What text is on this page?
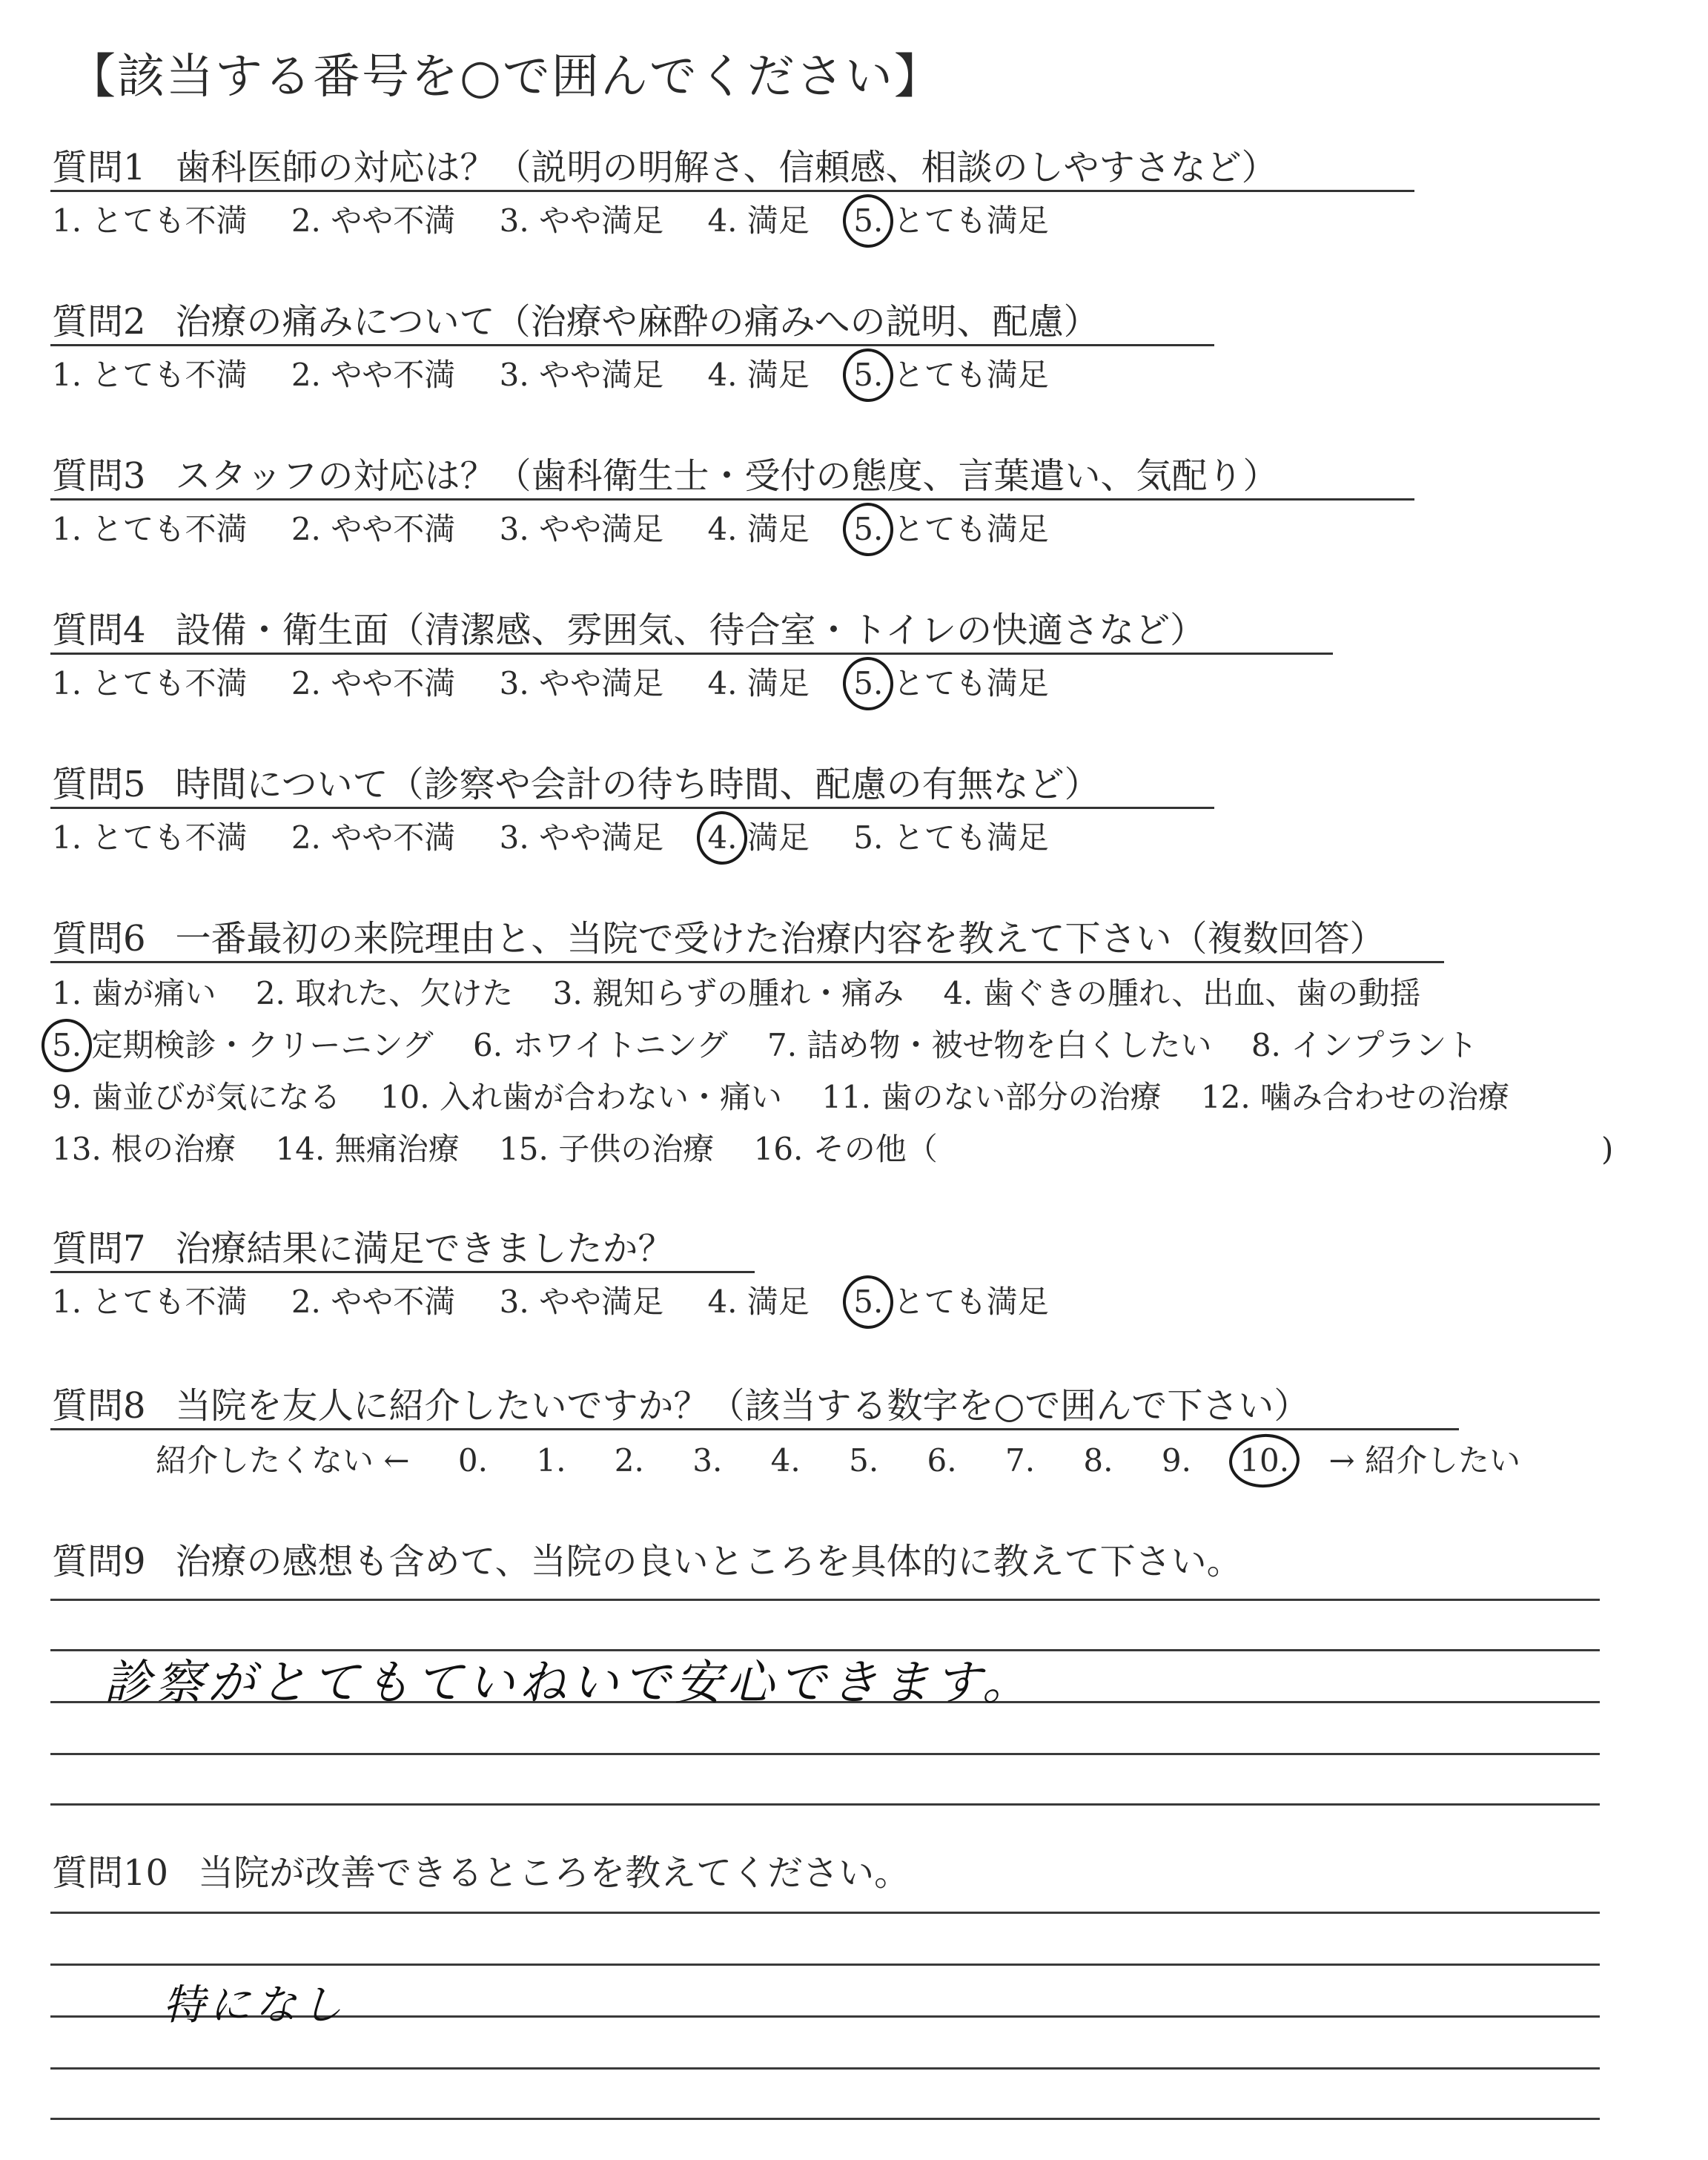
【該当する番号を○で囲んでください】
質問1 歯科医師の対応は？（説明の明解さ、信頼感、相談のしやすさなど）
1. とても不満 2. やや不満 3. やや満足 4. 満足 5. とても満足
質問2 治療の痛みについて（治療や麻酔の痛みへの説明、配慮）
1. とても不満 2. やや不満 3. やや満足 4. 満足 5. とても満足
質問3 スタッフの対応は？（歯科衛生士・受付の態度、言葉遣い、気配り）
1. とても不満 2. やや不満 3. やや満足 4. 満足 5. とても満足
質問4 設備・衛生面（清潔感、雰囲気、待合室・トイレの快適さなど）
1. とても不満 2. やや不満 3. やや満足 4. 満足 5. とても満足
質問5 時間について（診察や会計の待ち時間、配慮の有無など）
1. とても不満 2. やや不満 3. やや満足 4. 満足 5. とても満足
質問6 一番最初の来院理由と、当院で受けた治療内容を教えて下さい（複数回答）
1. 歯が痛い 2. 取れた、欠けた 3. 親知らずの腫れ・痛み 4. 歯ぐきの腫れ、出血、歯の動揺
5. 定期検診・クリーニング 6. ホワイトニング 7. 詰め物・被せ物を白くしたい 8. インプラント
9. 歯並びが気になる 10. 入れ歯が合わない・痛い 11. 歯のない部分の治療 12. 噛み合わせの治療
13. 根の治療 14. 無痛治療 15. 子供の治療 16. その他（	)
質問7 治療結果に満足できましたか？
1. とても不満 2. やや不満 3. やや満足 4. 満足 5. とても満足
質問8 当院を友人に紹介したいですか？（該当する数字を○で囲んで下さい）
紹介したくない ← 0. 1. 2. 3. 4. 5. 6. 7. 8. 9. 10. → 紹介したい
質問9 治療の感想も含めて、当院の良いところを具体的に教えて下さい。
診察がとてもていねいで安心できます。
質問10 当院が改善できるところを教えてください。
特になし
